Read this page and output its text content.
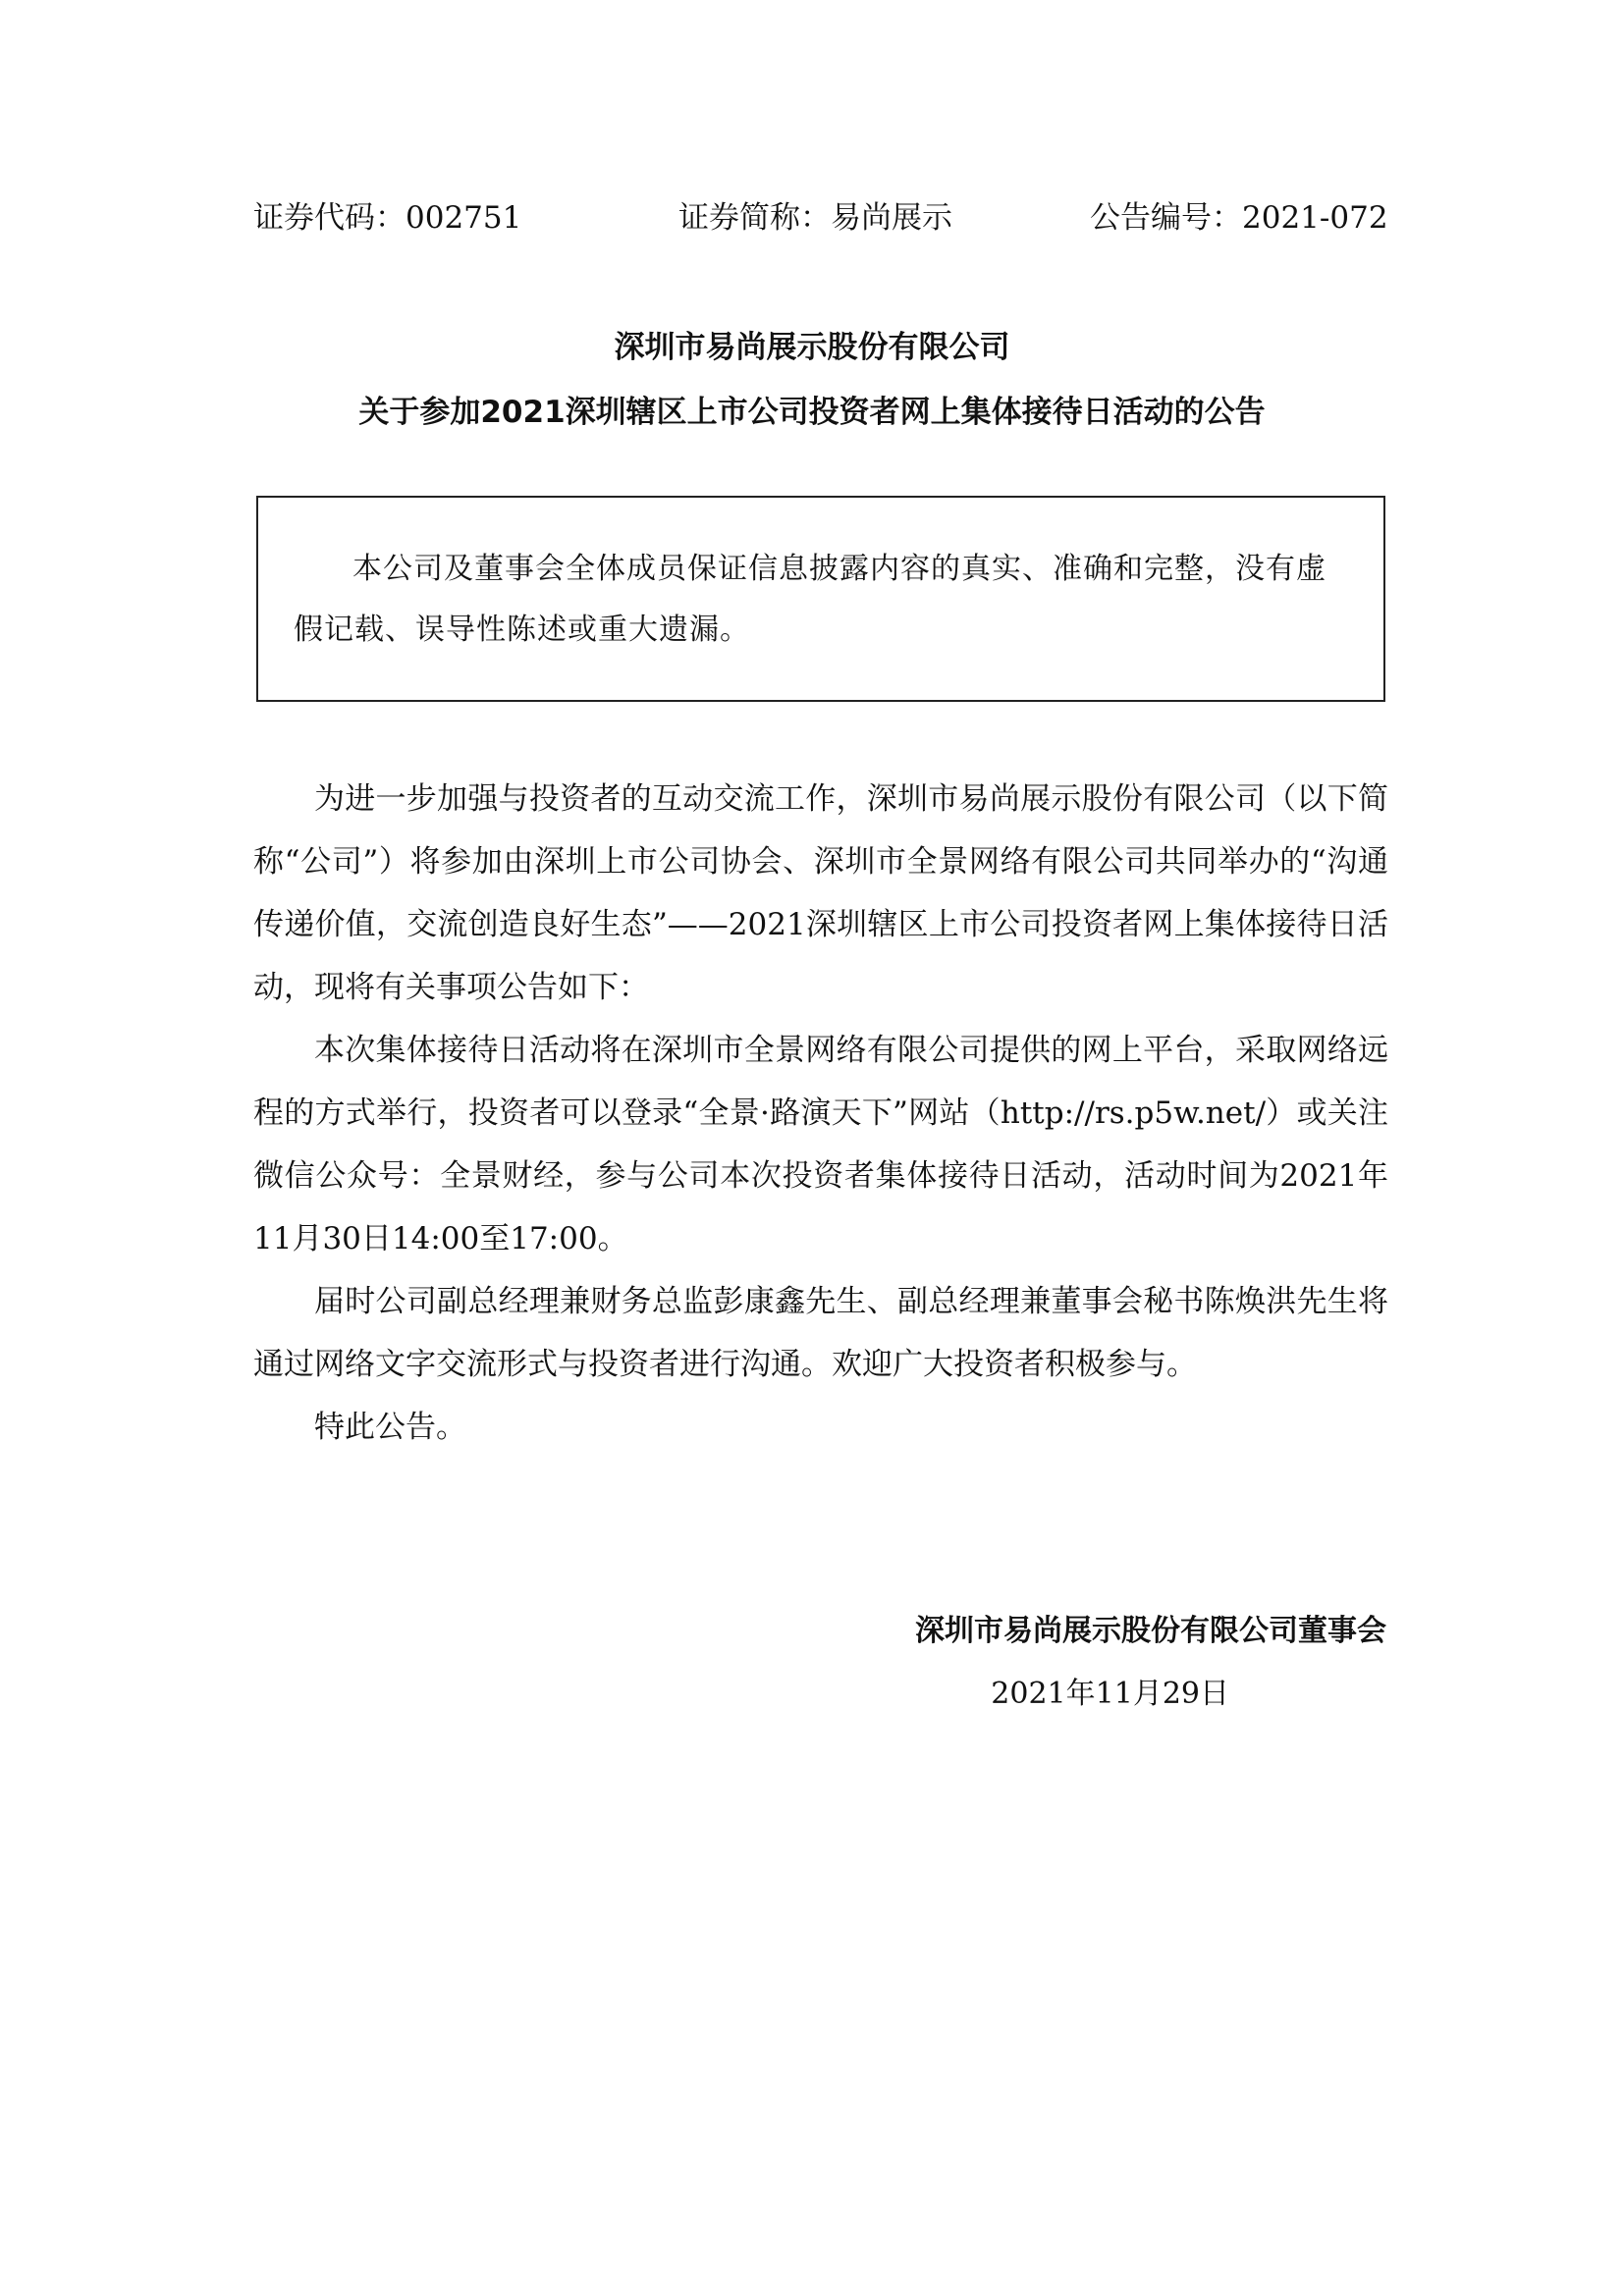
证券代码：002751	证券简称：易尚展示	公告编号：2021-072
深圳市易尚展示股份有限公司
关于参加2021深圳辖区上市公司投资者网上集体接待日活动的公告
本公司及董事会全体成员保证信息披露内容的真实、准确和完整，没有虚假记载、误导性陈述或重大遗漏。
为进一步加强与投资者的互动交流工作，深圳市易尚展示股份有限公司（以下简称“公司”）将参加由深圳上市公司协会、深圳市全景网络有限公司共同举办的“沟通传递价值，交流创造良好生态”——2021深圳辖区上市公司投资者网上集体接待日活动，现将有关事项公告如下：
本次集体接待日活动将在深圳市全景网络有限公司提供的网上平台，采取网络远程的方式举行，投资者可以登录“全景·路演天下”网站（http://rs.p5w.net/）或关注微信公众号：全景财经，参与公司本次投资者集体接待日活动，活动时间为2021年11月30日14:00至17:00。
届时公司副总经理兼财务总监彭康鑫先生、副总经理兼董事会秘书陈焕洪先生将通过网络文字交流形式与投资者进行沟通。欢迎广大投资者积极参与。
特此公告。
深圳市易尚展示股份有限公司董事会
2021年11月29日
